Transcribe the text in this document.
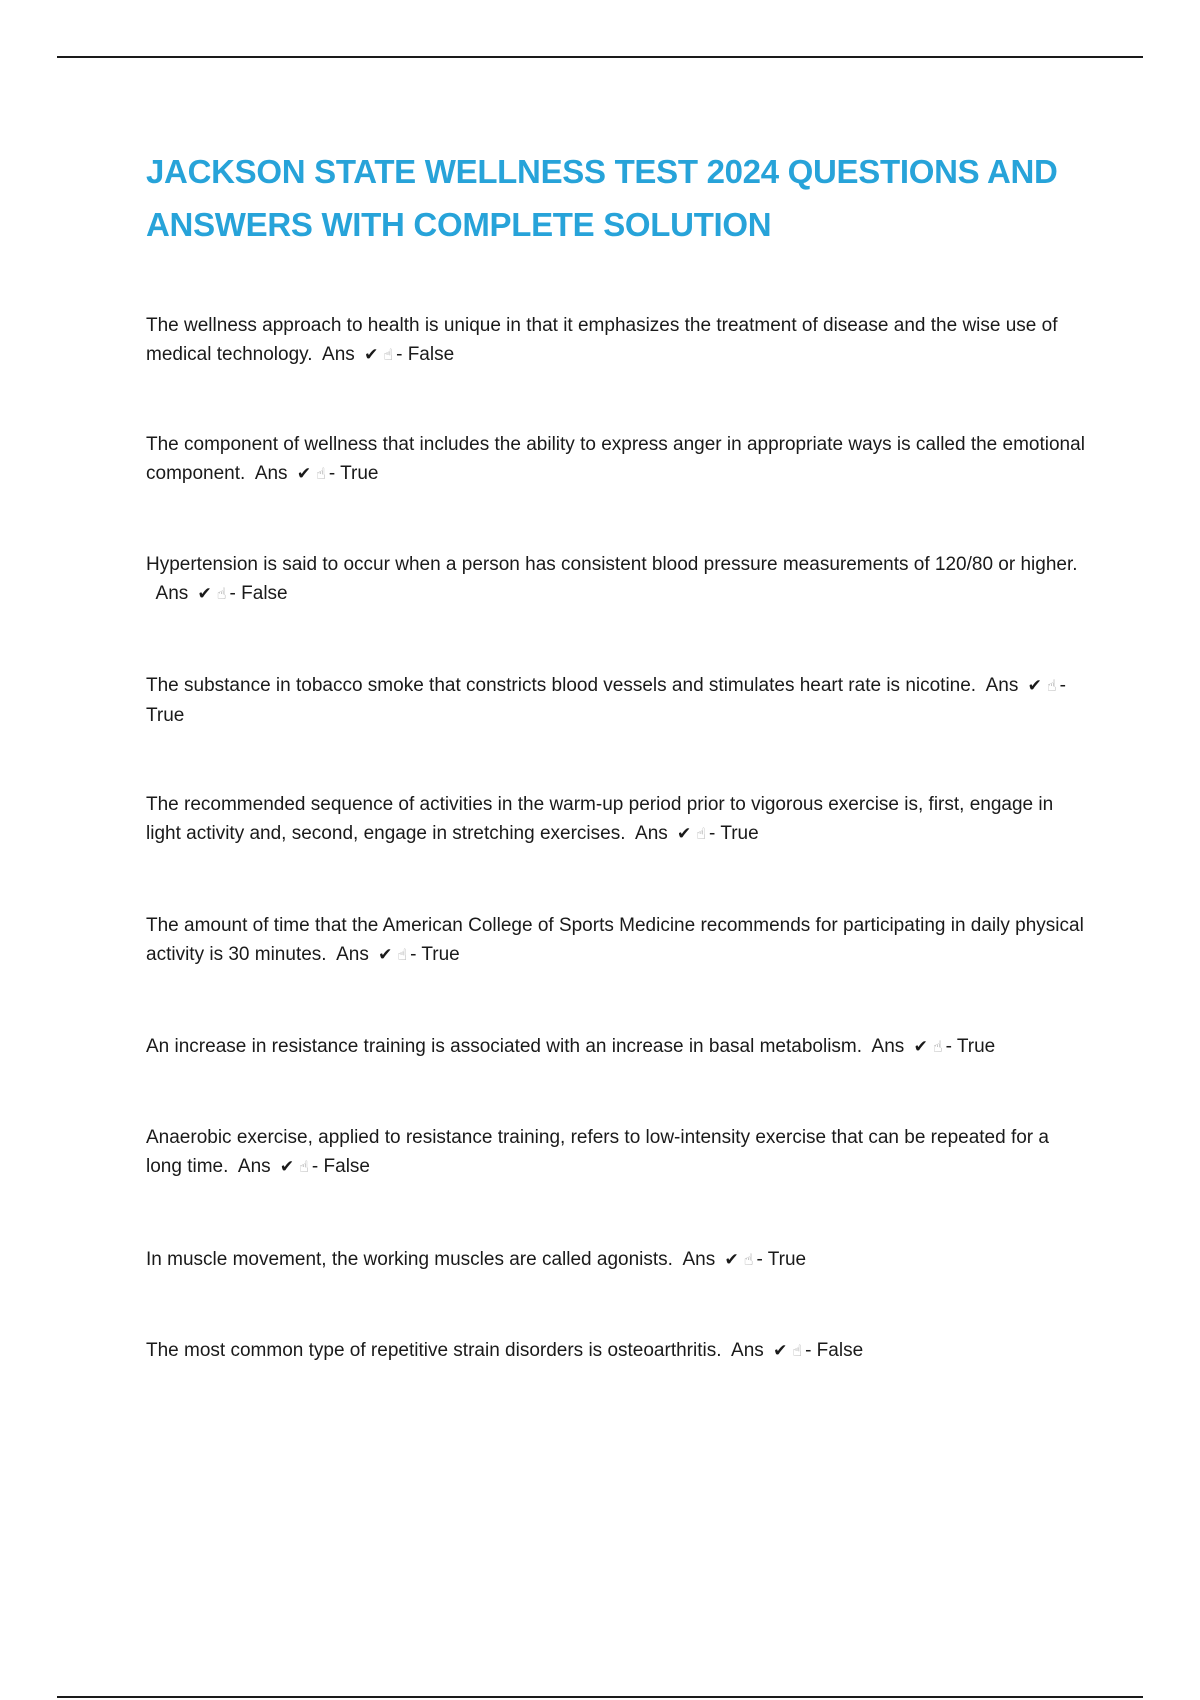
JACKSON STATE WELLNESS TEST 2024 QUESTIONS AND ANSWERS WITH COMPLETE SOLUTION
The wellness approach to health is unique in that it emphasizes the treatment of disease and the wise use of medical technology. Ans ✔ ☝ - False
The component of wellness that includes the ability to express anger in appropriate ways is called the emotional component. Ans ✔ ☝ - True
Hypertension is said to occur when a person has consistent blood pressure measurements of 120/80 or higher.  Ans ✔ ☝ - False
The substance in tobacco smoke that constricts blood vessels and stimulates heart rate is nicotine. Ans ✔ ☝ - True
The recommended sequence of activities in the warm-up period prior to vigorous exercise is, first, engage in light activity and, second, engage in stretching exercises. Ans ✔ ☝ - True
The amount of time that the American College of Sports Medicine recommends for participating in daily physical activity is 30 minutes. Ans ✔ ☝ - True
An increase in resistance training is associated with an increase in basal metabolism. Ans ✔ ☝ - True
Anaerobic exercise, applied to resistance training, refers to low-intensity exercise that can be repeated for a long time. Ans ✔ ☝ - False
In muscle movement, the working muscles are called agonists. Ans ✔ ☝ - True
The most common type of repetitive strain disorders is osteoarthritis. Ans ✔ ☝ - False
